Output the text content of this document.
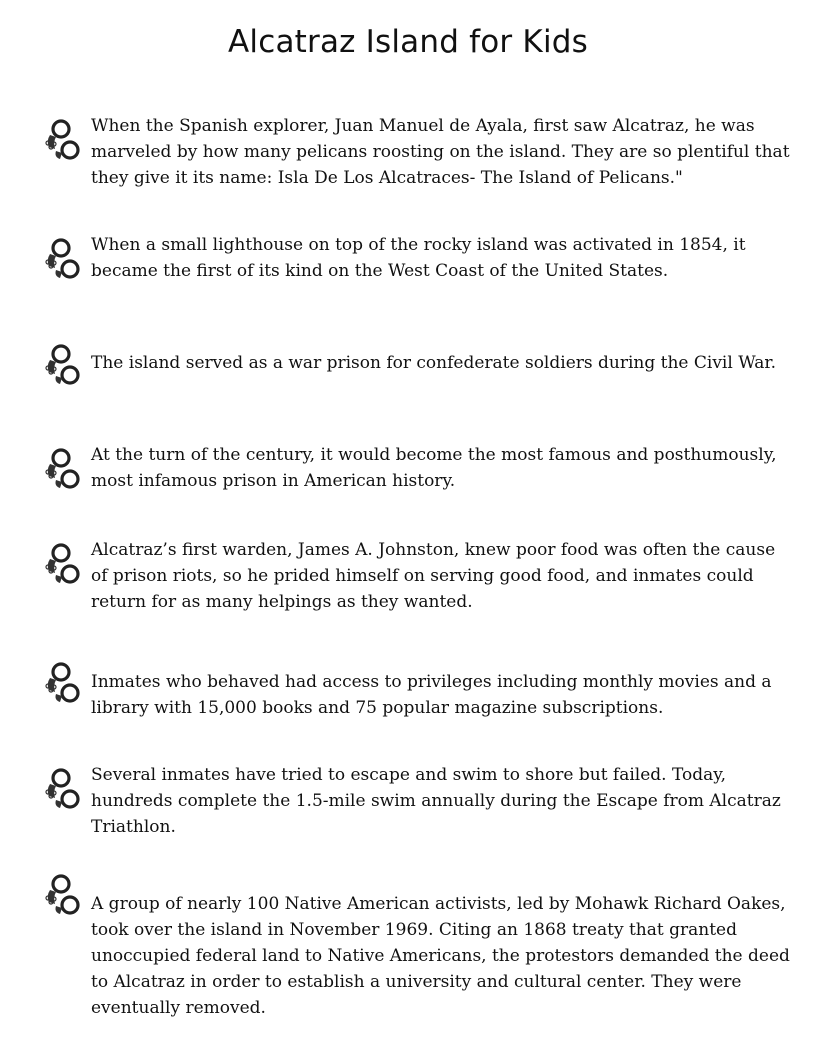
Alcatraz Island for Kids
When the Spanish explorer, Juan Manuel de Ayala, first saw Alcatraz, he was marveled by how many pelicans roosting on the island. They are so plentiful that they give it its name: Isla De Los Alcatraces- The Island of Pelicans."
When a small lighthouse on top of the rocky island was activated in 1854, it became the first of its kind on the West Coast of the United States.
The island served as a war prison for confederate soldiers during the Civil War.
At the turn of the century, it would become the most famous and posthumously, most infamous prison in American history.
Alcatraz’s first warden, James A. Johnston, knew poor food was often the cause of prison riots, so he prided himself on serving good food, and inmates could return for as many helpings as they wanted.
Inmates who behaved had access to privileges including monthly movies and a library with 15,000 books and 75 popular magazine subscriptions.
Several inmates have tried to escape and swim to shore but failed. Today, hundreds complete the 1.5-mile swim annually during the Escape from Alcatraz Triathlon.
A group of nearly 100 Native American activists, led by Mohawk Richard Oakes, took over the island in November 1969. Citing an 1868 treaty that granted unoccupied federal land to Native Americans, the protestors demanded the deed to Alcatraz in order to establish a university and cultural center. They were eventually removed.
